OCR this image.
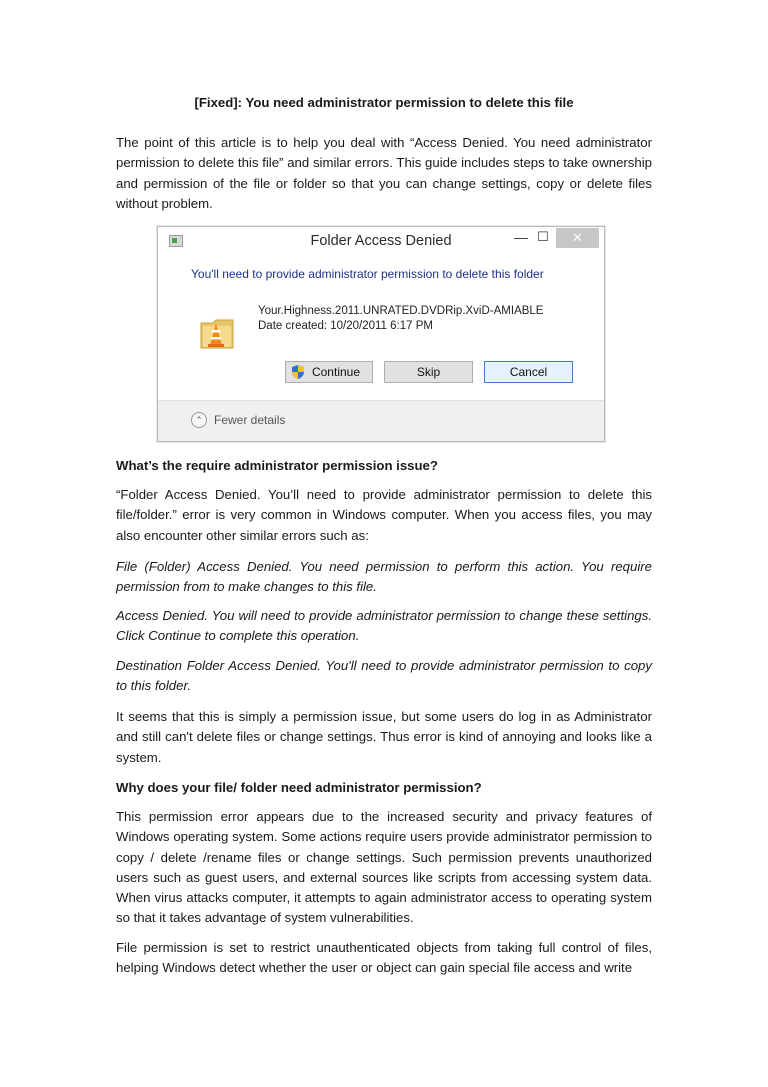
[Fixed]: You need administrator permission to delete this file

The point of this article is to help you deal with “Access Denied. You need administrator permission to delete this file” and similar errors. This guide includes steps to take ownership and permission of the file or folder so that you can change settings, copy or delete files without problem.

Folder Access Denied	— ☐	✕
You'll need to provide administrator permission to delete this folder
Your.Highness.2011.UNRATED.DVDRip.XviD-AMIABLE
Date created: 10/20/2011 6:17 PM
Continue	Skip	Cancel
⌃ Fewer details

What’s the require administrator permission issue?

“Folder Access Denied. You’ll need to provide administrator permission to delete this file/folder.” error is very common in Windows computer. When you access files, you may also encounter other similar errors such as:

File (Folder) Access Denied. You need permission to perform this action. You require permission from to make changes to this file.

Access Denied. You will need to provide administrator permission to change these settings. Click Continue to complete this operation.

Destination Folder Access Denied. You'll need to provide administrator permission to copy to this folder.

It seems that this is simply a permission issue, but some users do log in as Administrator and still can't delete files or change settings. Thus error is kind of annoying and looks like a system.

Why does your file/ folder need administrator permission?

This permission error appears due to the increased security and privacy features of Windows operating system. Some actions require users provide administrator permission to copy / delete /rename files or change settings. Such permission prevents unauthorized users such as guest users, and external sources like scripts from accessing system data. When virus attacks computer, it attempts to again administrator access to operating system so that it takes advantage of system vulnerabilities.

File permission is set to restrict unauthenticated objects from taking full control of files, helping Windows detect whether the user or object can gain special file access and write
